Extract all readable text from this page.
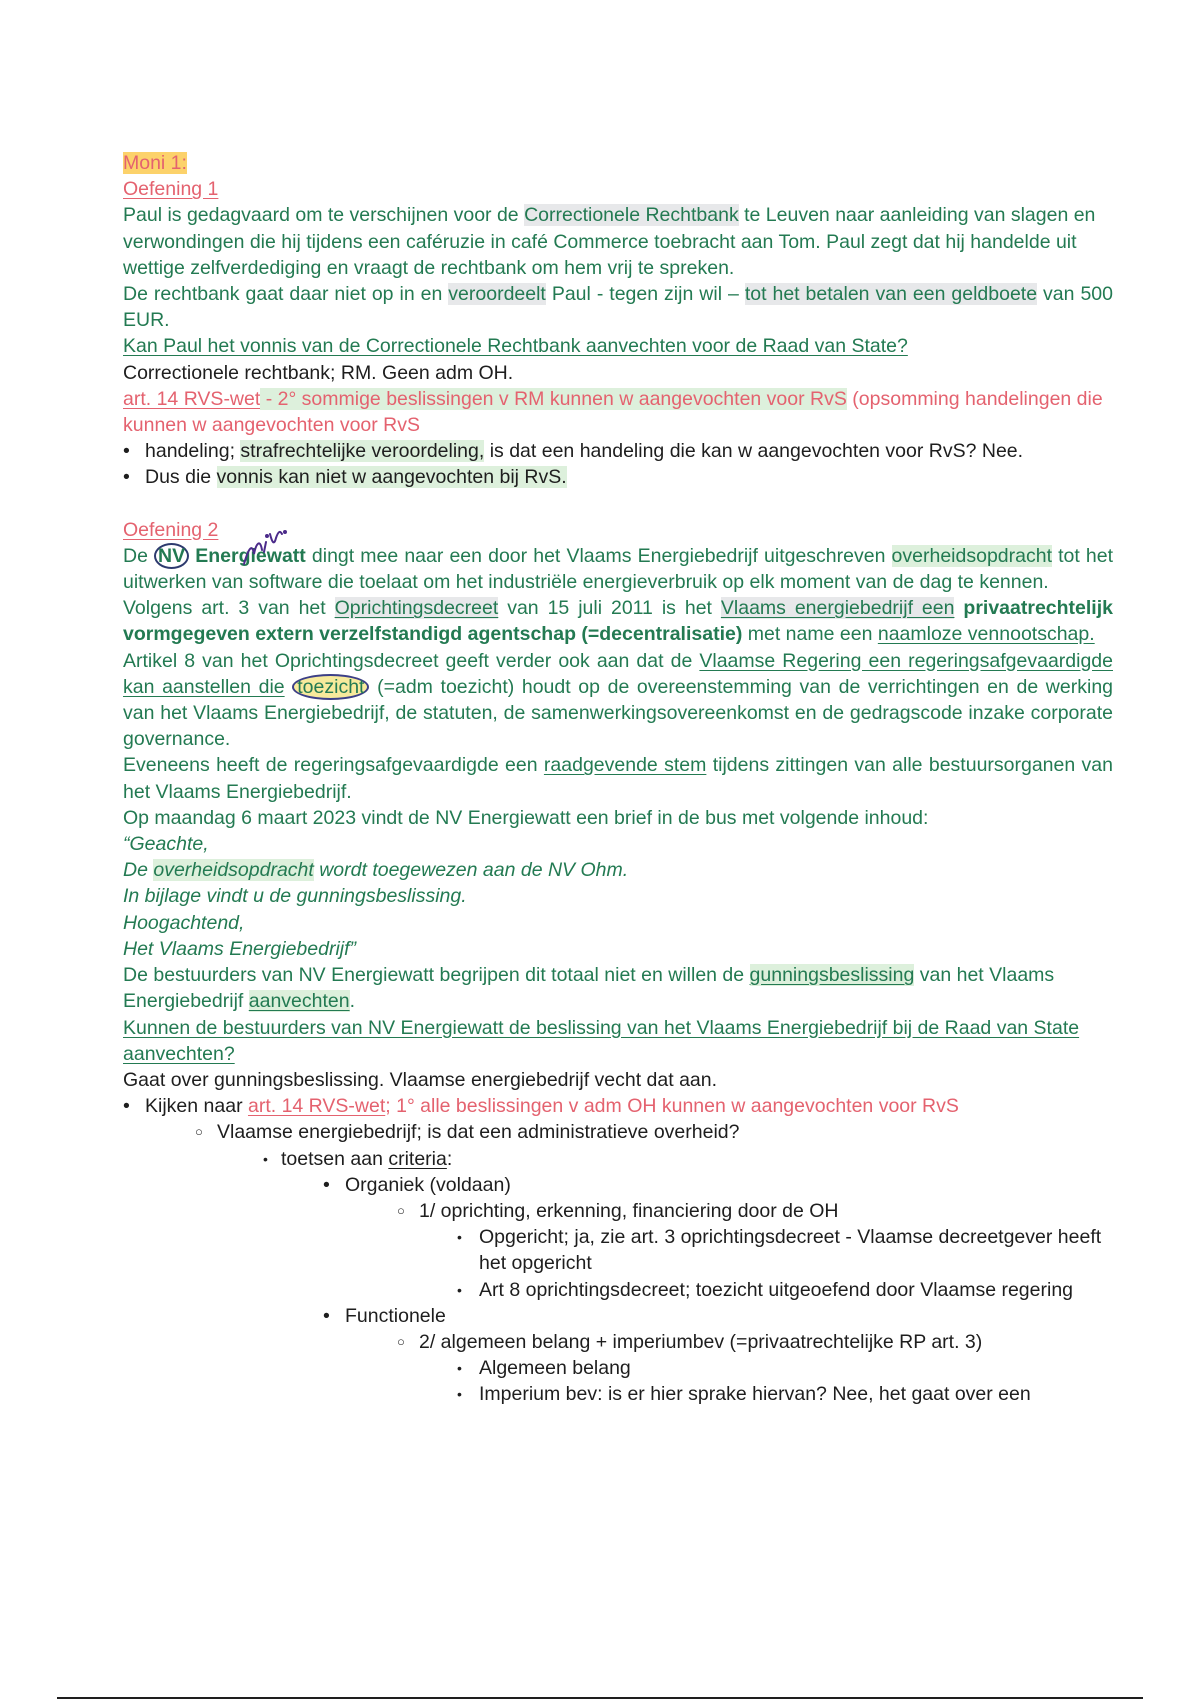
Moni 1:

Oefening 1

Paul is gedagvaard om te verschijnen voor de Correctionele Rechtbank te Leuven naar aanleiding van slagen en verwondingen die hij tijdens een caféruzie in café Commerce toebracht aan Tom. Paul zegt dat hij handelde uit wettige zelfverdediging en vraagt de rechtbank om hem vrij te spreken.

De rechtbank gaat daar niet op in en veroordeelt Paul - tegen zijn wil – tot het betalen van een geldboete van 500 EUR.

Kan Paul het vonnis van de Correctionele Rechtbank aanvechten voor de Raad van State?

Correctionele rechtbank; RM. Geen adm OH.

art. 14 RVS-wet - 2° sommige beslissingen v RM kunnen w aangevochten voor RvS (opsomming handelingen die kunnen w aangevochten voor RvS

• handeling; strafrechtelijke veroordeling, is dat een handeling die kan w aangevochten voor RvS? Nee.
• Dus die vonnis kan niet w aangevochten bij RvS.

Oefening 2

De NV Energiewatt dingt mee naar een door het Vlaams Energiebedrijf uitgeschreven overheidsopdracht tot het uitwerken van software die toelaat om het industriële energieverbruik op elk moment van de dag te kennen.

Volgens art. 3 van het Oprichtingsdecreet van 15 juli 2011 is het Vlaams energiebedrijf een privaatrechtelijk vormgegeven extern verzelfstandigd agentschap (=decentralisatie) met name een naamloze vennootschap.

Artikel 8 van het Oprichtingsdecreet geeft verder ook aan dat de Vlaamse Regering een regeringsafgevaardigde kan aanstellen die toezicht (=adm toezicht) houdt op de overeenstemming van de verrichtingen en de werking van het Vlaams Energiebedrijf, de statuten, de samenwerkingsovereenkomst en de gedragscode inzake corporate governance.

Eveneens heeft de regeringsafgevaardigde een raadgevende stem tijdens zittingen van alle bestuursorganen van het Vlaams Energiebedrijf.

Op maandag 6 maart 2023 vindt de NV Energiewatt een brief in de bus met volgende inhoud:

“Geachte,

De overheidsopdracht wordt toegewezen aan de NV Ohm.

In bijlage vindt u de gunningsbeslissing.

Hoogachtend,

Het Vlaams Energiebedrijf”

De bestuurders van NV Energiewatt begrijpen dit totaal niet en willen de gunningsbeslissing van het Vlaams Energiebedrijf aanvechten.

Kunnen de bestuurders van NV Energiewatt de beslissing van het Vlaams Energiebedrijf bij de Raad van State aanvechten?

Gaat over gunningsbeslissing. Vlaamse energiebedrijf vecht dat aan.

• Kijken naar art. 14 RVS-wet; 1° alle beslissingen v adm OH kunnen w aangevochten voor RvS
○ Vlaamse energiebedrijf; is dat een administratieve overheid?
• toetsen aan criteria:
• Organiek (voldaan)
○ 1/ oprichting, erkenning, financiering door de OH
• Opgericht; ja, zie art. 3 oprichtingsdecreet - Vlaamse decreetgever heeft het opgericht
• Art 8 oprichtingsdecreet; toezicht uitgeoefend door Vlaamse regering
• Functionele
○ 2/ algemeen belang + imperiumbev (=privaatrechtelijke RP art. 3)
• Algemeen belang
• Imperium bev: is er hier sprake hiervan? Nee, het gaat over een
